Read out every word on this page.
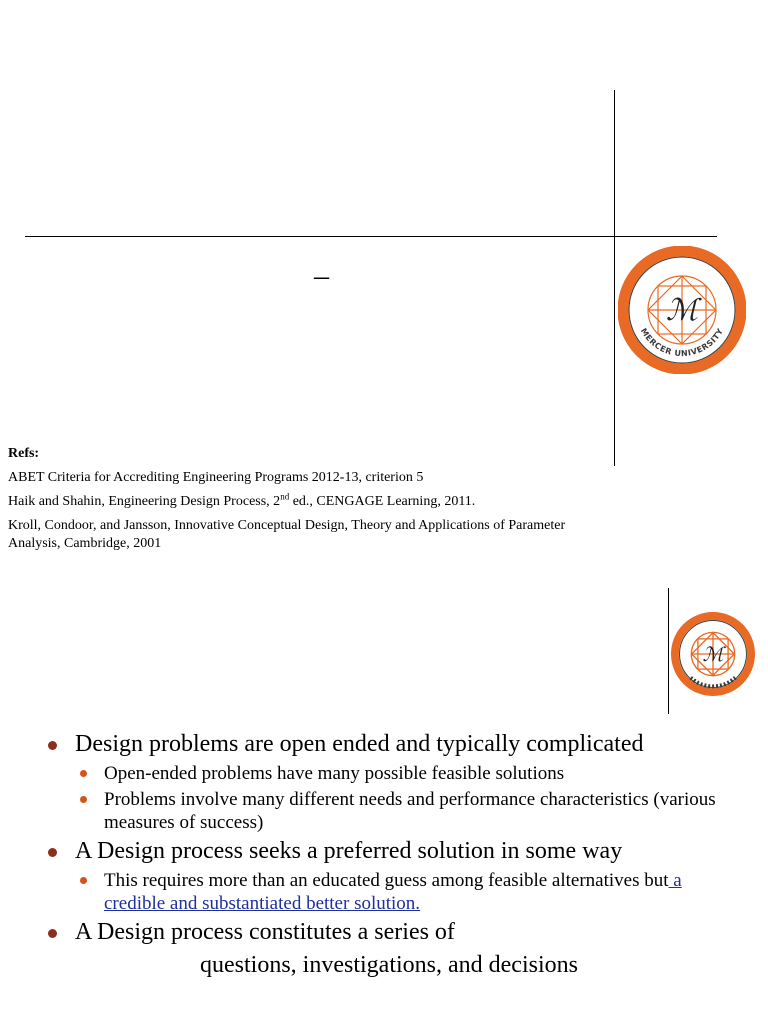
–
SCHOOL OF ENGINEERING
MERCER UNIVERSITY
ℳ
Refs:
ABET Criteria for Accrediting Engineering Programs 2012-13, criterion 5
Haik and Shahin, Engineering Design Process, 2nd ed., CENGAGE Learning, 2011.
Kroll, Condoor, and Jansson, Innovative Conceptual Design, Theory and Applications of Parameter Analysis, Cambridge, 2001
ℳ
Design problems are open ended and typically complicated
Open-ended problems have many possible feasible solutions
Problems involve many different needs and performance characteristics (various measures of success)
A Design process seeks a preferred solution in some way
This requires more than an educated guess among feasible alternatives but a credible and substantiated better solution.
A Design process constitutes a series of
questions, investigations, and decisions
